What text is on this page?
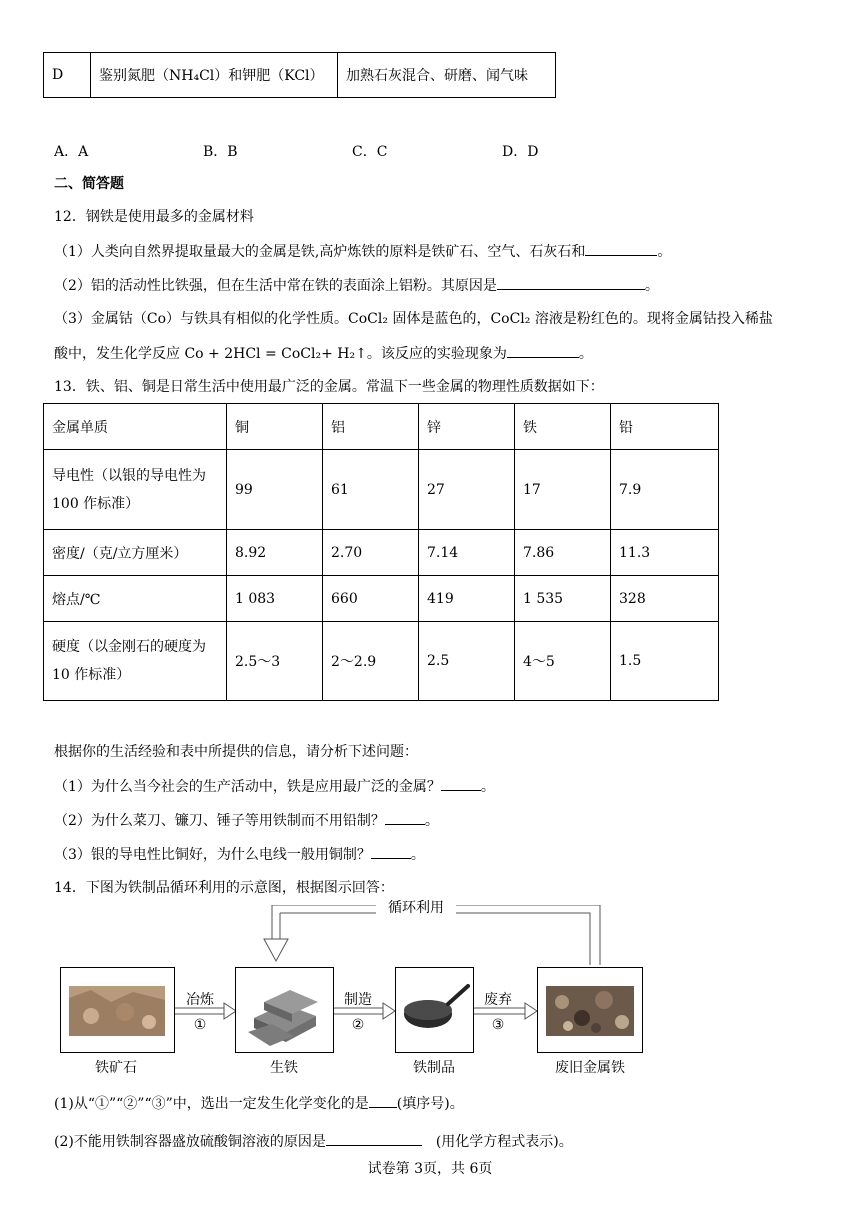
D	鉴别氮肥（NH₄Cl）和钾肥（KCl）	加熟石灰混合、研磨、闻气味
A．A	B．B	C．C	D．D
二、简答题
12．钢铁是使用最多的金属材料
（1）人类向自然界提取量最大的金属是铁,高炉炼铁的原料是铁矿石、空气、石灰石和	。
（2）铝的活动性比铁强，但在生活中常在铁的表面涂上铝粉。其原因是	。
（3）金属钴（Co）与铁具有相似的化学性质。CoCl₂ 固体是蓝色的，CoCl₂ 溶液是粉红色的。现将金属钴投入稀盐
酸中，发生化学反应 Co + 2HCl = CoCl₂+ H₂↑。该反应的实验现象为	。
13．铁、铝、铜是日常生活中使用最广泛的金属。常温下一些金属的物理性质数据如下：
金属单质	铜	铝	锌	铁	铅
导电性（以银的导电性为 100 作标准）	99	61	27	17	7.9
密度/（克/立方厘米）	8.92	2.70	7.14	7.86	11.3
熔点/℃	1 083	660	419	1 535	328
硬度（以金刚石的硬度为 10 作标准）	2.5～3	2～2.9	2.5	4～5	1.5
根据你的生活经验和表中所提供的信息，请分析下述问题：
（1）为什么当今社会的生产活动中，铁是应用最广泛的金属？	。
（2）为什么菜刀、镰刀、锤子等用铁制而不用铅制？	。
（3）银的导电性比铜好，为什么电线一般用铜制？	。
14．下图为铁制品循环利用的示意图，根据图示回答：
循环利用
冶炼
①
制造
②
废弃
③
铁矿石	生铁	铁制品	废旧金属铁
(1)从“①”“②”“③”中，选出一定发生化学变化的是 (填序号)。
(2)不能用铁制容器盛放硫酸铜溶液的原因是	(用化学方程式表示)。
试卷第 3页，共 6页
